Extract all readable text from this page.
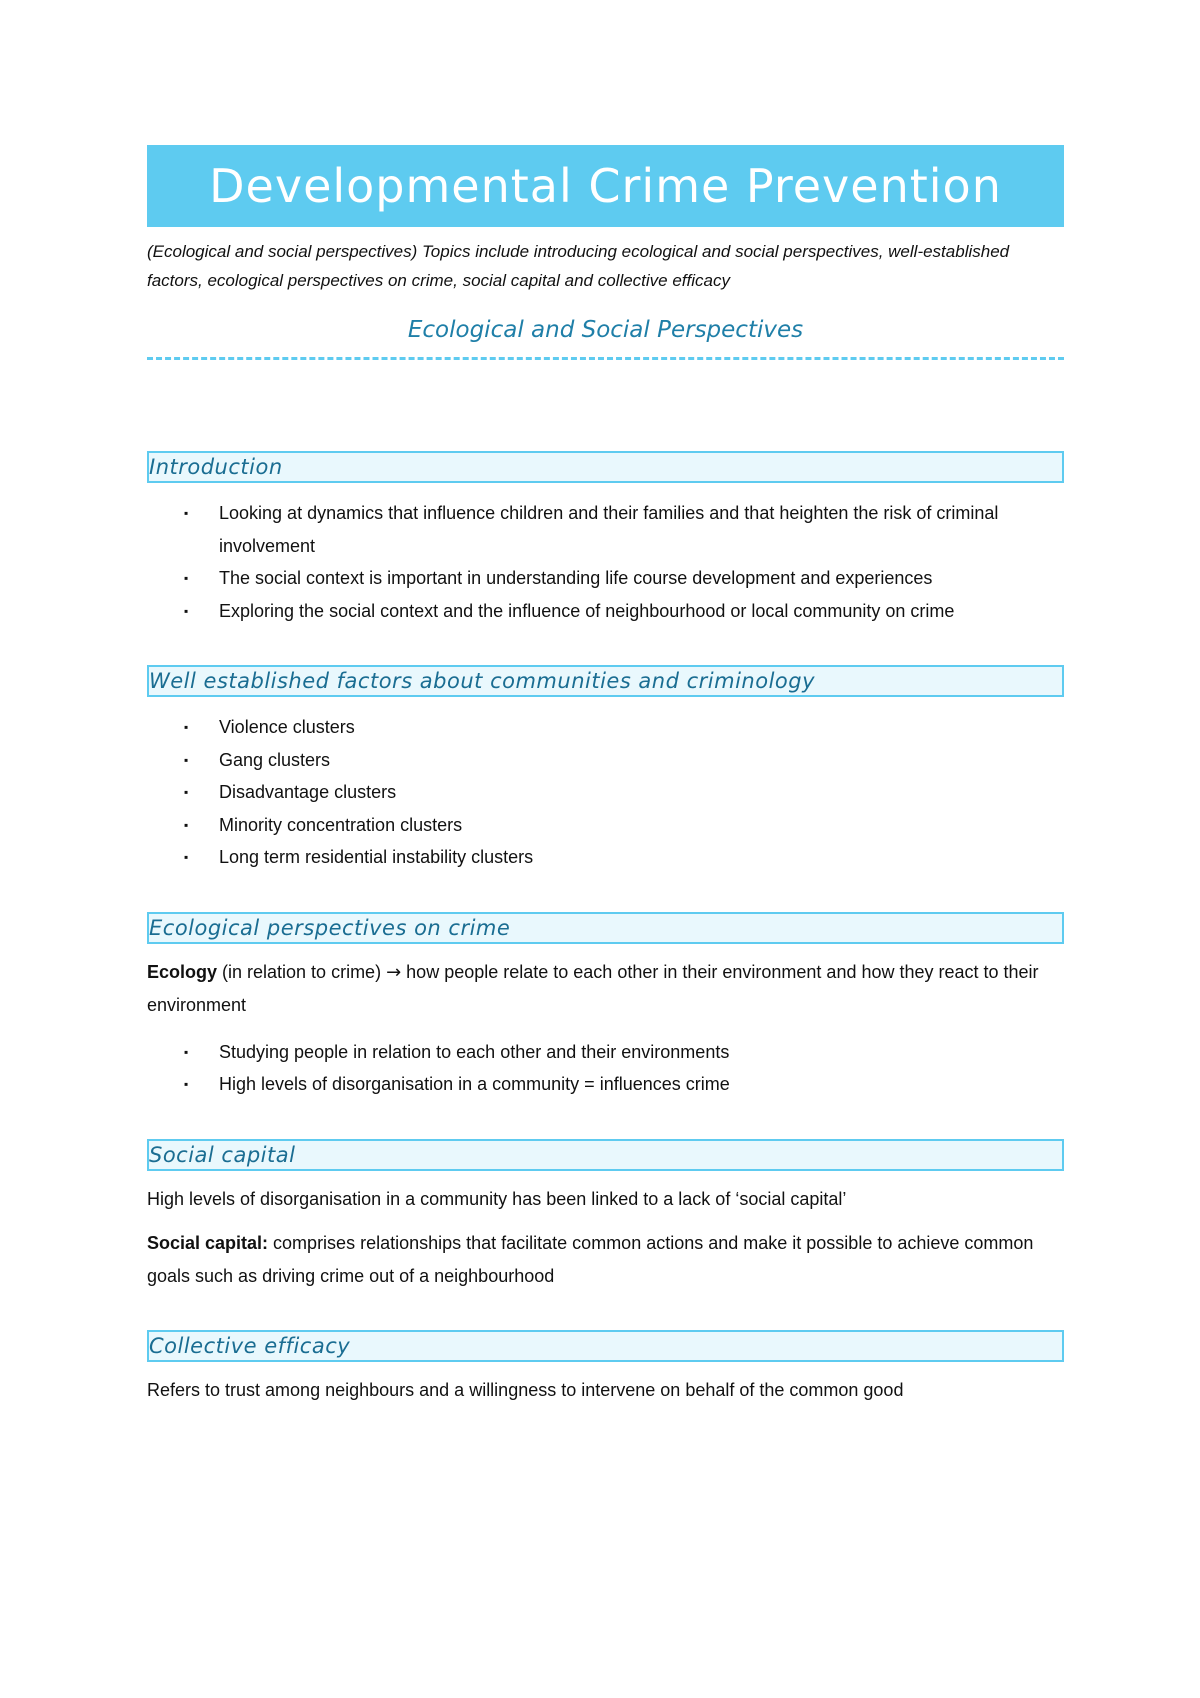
Developmental Crime Prevention

(Ecological and social perspectives) Topics include introducing ecological and social perspectives, well-established factors, ecological perspectives on crime, social capital and collective efficacy

Ecological and Social Perspectives
Introduction
▪ Looking at dynamics that influence children and their families and that heighten the risk of criminal involvement
▪ The social context is important in understanding life course development and experiences
▪ Exploring the social context and the influence of neighbourhood or local community on crime
Well established factors about communities and criminology
▪ Violence clusters
▪ Gang clusters
▪ Disadvantage clusters
▪ Minority concentration clusters
▪ Long term residential instability clusters
Ecological perspectives on crime

Ecology (in relation to crime) → how people relate to each other in their environment and how they react to their environment

▪ Studying people in relation to each other and their environments
▪ High levels of disorganisation in a community = influences crime
Social capital

High levels of disorganisation in a community has been linked to a lack of ‘social capital’

Social capital: comprises relationships that facilitate common actions and make it possible to achieve common goals such as driving crime out of a neighbourhood

Collective efficacy

Refers to trust among neighbours and a willingness to intervene on behalf of the common good
